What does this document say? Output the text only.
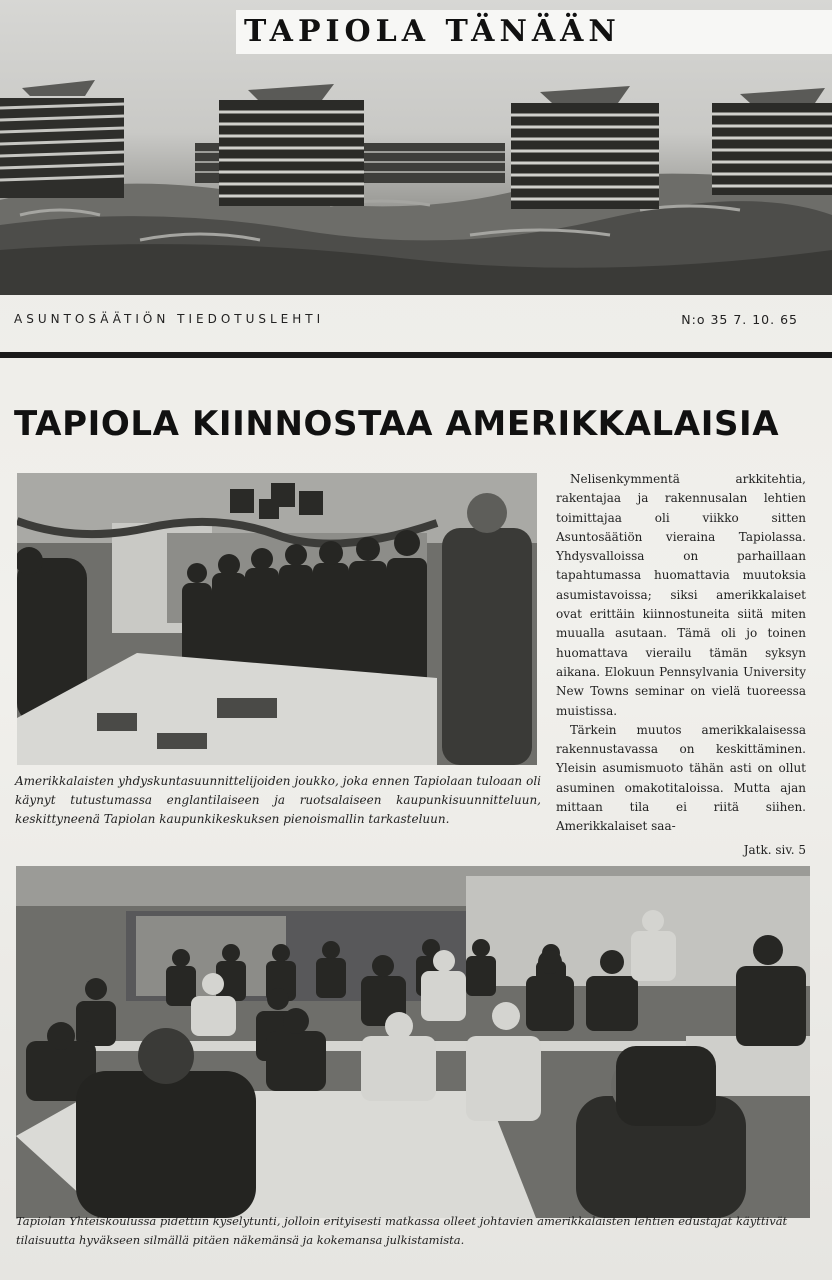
TAPIOLA TÄNÄÄN
ASUNTOSÄÄTIÖN TIEDOTUSLEHTI	N:o 35 7. 10. 65
TAPIOLA KIINNOSTAA AMERIKKALAISIA
Amerikkalaisten yhdyskuntasuunnittelijoiden joukko, joka ennen Tapiolaan tuloaan oli käynyt tutustumassa englantilaiseen ja ruotsalaiseen kaupunkisuunnitteluun, keskittyneenä Tapiolan kaupunkikeskuksen pienoismallin tarkasteluun.

Nelisenkymmentä arkkitehtia, rakentajaa ja rakennusalan lehtien toimittajaa oli viikko sitten Asuntosäätiön vieraina Tapiolassa. Yhdysvalloissa on parhaillaan tapahtumassa huomattavia muutoksia asumistavoissa; siksi amerikkalaiset ovat erittäin kiinnostuneita siitä miten muualla asutaan. Tämä oli jo toinen huomattava vierailu tämän syksyn aikana. Elokuun Pennsylvania University New Towns seminar on vielä tuoreessa muistissa.

Tärkein muutos amerikkalaisessa rakennustavassa on keskittäminen. Yleisin asumismuoto tähän asti on ollut asuminen omakotitaloissa. Mutta ajan mittaan tila ei riitä siihen. Amerikkalaiset saa-

Jatk. siv. 5

Tapiolan Yhteiskoulussa pidettiin kyselytunti, jolloin erityisesti matkassa olleet johtavien amerikkalaisten lehtien edustajat käyttivät tilaisuutta hyväkseen silmällä pitäen näkemänsä ja kokemansa julkistamista.
